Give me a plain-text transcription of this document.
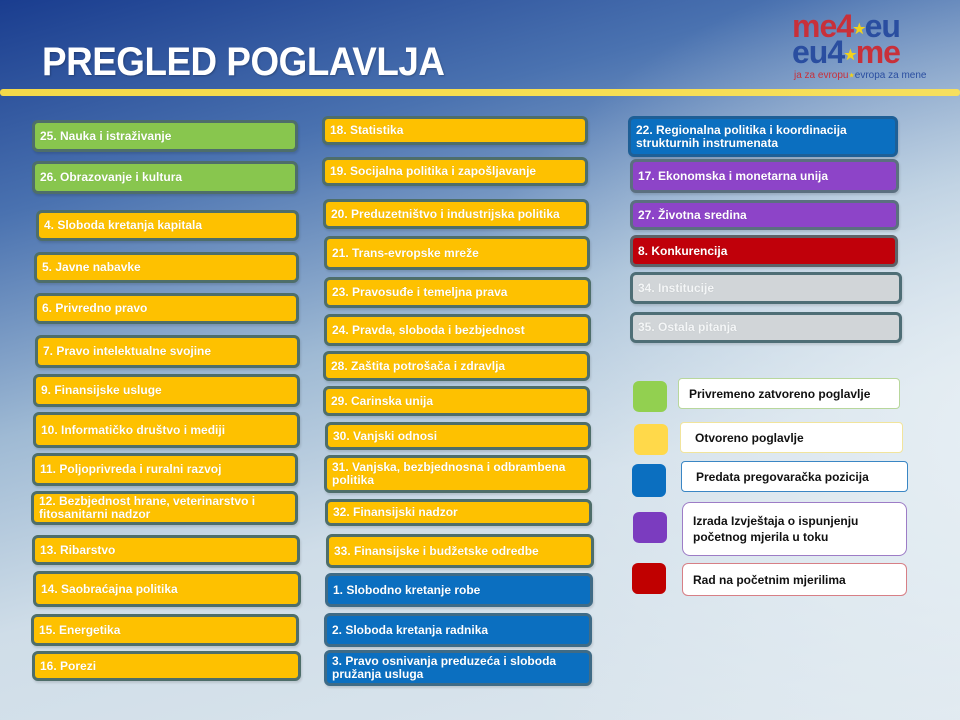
PREGLED POGLAVLJA
me4★eu
eu4★me
ja za evropu★evropa za mene
25. Nauka i istraživanje
26. Obrazovanje i kultura
4. Sloboda kretanja kapitala
5. Javne nabavke
6. Privredno pravo
7. Pravo intelektualne svojine
9. Finansijske usluge
10. Informatičko društvo i mediji
11. Poljoprivreda i ruralni razvoj
12. Bezbjednost hrane, veterinarstvo i fitosanitarni nadzor
13. Ribarstvo
14. Saobraćajna politika
15. Energetika
16. Porezi
18. Statistika
19. Socijalna politika i zapošljavanje
20. Preduzetništvo i industrijska politika
21. Trans-evropske mreže
23. Pravosuđe i temeljna prava
24. Pravda, sloboda i bezbjednost
28. Zaštita potrošača i zdravlja
29. Carinska unija
30. Vanjski odnosi
31. Vanjska, bezbjednosna i odbrambena politika
32. Finansijski nadzor
33. Finansijske i budžetske odredbe
1. Slobodno kretanje robe
2. Sloboda kretanja radnika
3. Pravo osnivanja preduzeća i sloboda pružanja usluga
22. Regionalna politika i koordinacija strukturnih instrumenata
17. Ekonomska i monetarna unija
27. Životna sredina
8. Konkurencija
34. Institucije
35. Ostala pitanja
Privremeno zatvoreno poglavlje
Otvoreno poglavlje
Predata pregovaračka pozicija
Izrada Izvještaja o ispunjenju početnog mjerila u toku
Rad na početnim mjerilima
